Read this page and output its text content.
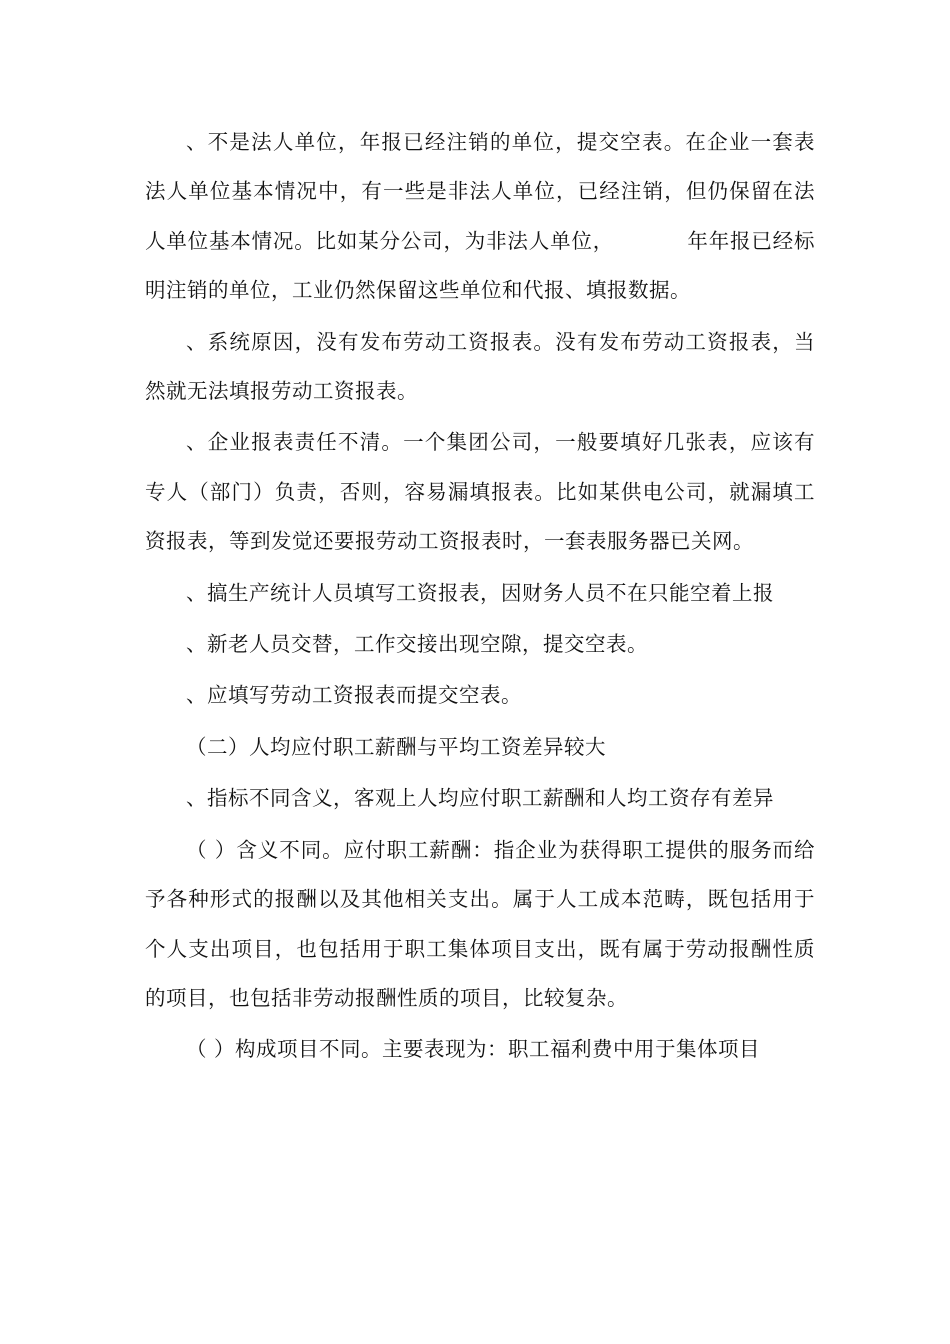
、不是法人单位，年报已经注销的单位，提交空表。在企业一套表法人单位基本情况中，有一些是非法人单位，已经注销，但仍保留在法人单位基本情况。比如某分公司，为非法人单位，          年年报已经标明注销的单位，工业仍然保留这些单位和代报、填报数据。

、系统原因，没有发布劳动工资报表。没有发布劳动工资报表，当然就无法填报劳动工资报表。

、企业报表责任不清。一个集团公司，一般要填好几张表，应该有专人（部门）负责，否则，容易漏填报表。比如某供电公司，就漏填工资报表，等到发觉还要报劳动工资报表时，一套表服务器已关网。

、搞生产统计人员填写工资报表，因财务人员不在只能空着上报

、新老人员交替，工作交接出现空隙，提交空表。

、应填写劳动工资报表而提交空表。

（二）人均应付职工薪酬与平均工资差异较大

、指标不同含义，客观上人均应付职工薪酬和人均工资存有差异

（ ）含义不同。应付职工薪酬：指企业为获得职工提供的服务而给予各种形式的报酬以及其他相关支出。属于人工成本范畴，既包括用于个人支出项目，也包括用于职工集体项目支出，既有属于劳动报酬性质的项目，也包括非劳动报酬性质的项目，比较复杂。

（ ）构成项目不同。主要表现为：职工福利费中用于集体项目
